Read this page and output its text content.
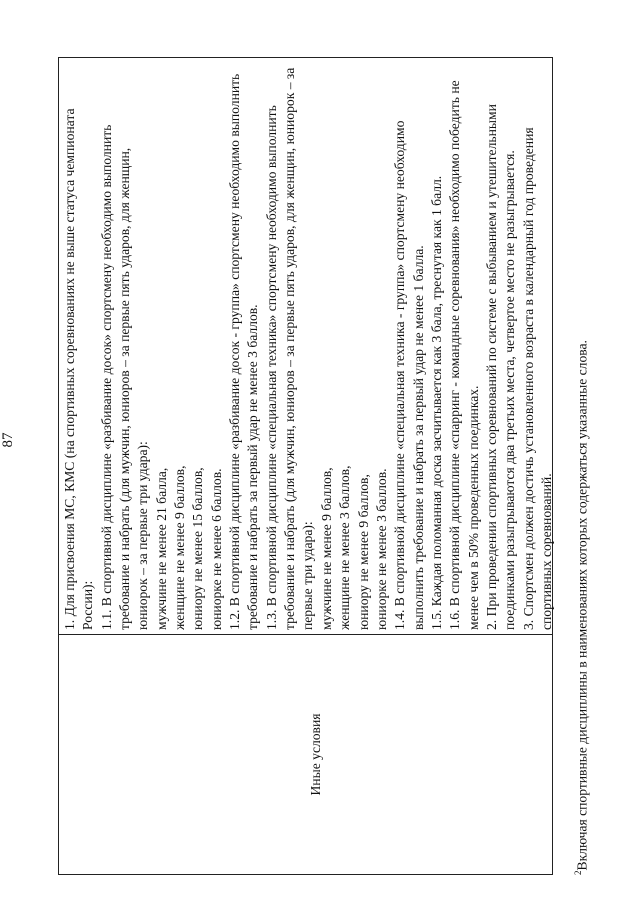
87
Иные условия
1. Для присвоения МС, КМС (на спортивных соревнованиях не выше статуса чемпионата России): 1.1. В спортивной дисциплине «разбивание досок» спортсмену необходимо выполнить требование и набрать (для мужчин, юниоров – за первые пять ударов, для женщин, юниорок – за первые три удара): мужчине не менее 21 балла, женщине не менее 9 баллов, юниору не менее 15 баллов, юниорке не менее 6 баллов. 1.2. В спортивной дисциплине «разбивание досок - группа» спортсмену необходимо выполнить требование и набрать за первый удар не менее 3 баллов. 1.3. В спортивной дисциплине «специальная техника» спортсмену необходимо выполнить требование и набрать (для мужчин, юниоров – за первые пять ударов, для женщин, юниорок – за первые три удара): мужчине не менее 9 баллов, женщине не менее 3 баллов, юниору не менее 9 баллов, юниорке не менее 3 баллов. 1.4. В спортивной дисциплине «специальная техника - группа» спортсмену необходимо выполнить требование и набрать за первый удар не менее 1 балла. 1.5. Каждая поломанная доска засчитывается как 3 бала, треснутая как 1 балл. 1.6. В спортивной дисциплине «спарринг - командные соревнования» необходимо победить не менее чем в 50% проведенных поединках. 2. При проведении спортивных соревнований по системе с выбыванием и утешительными поединками разыгрываются два третьих места, четвертое место не разыгрывается. 3. Спортсмен должен достичь установленного возраста в календарный год проведения спортивных соревнований.
$^2$Включая спортивные дисциплины в наименованиях которых содержаться указанные слова.
